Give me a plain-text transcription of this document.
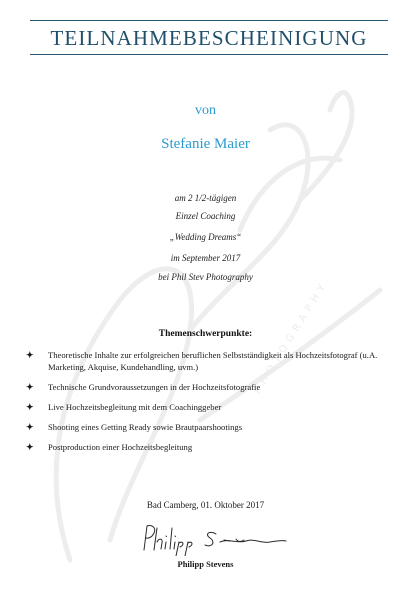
PHOTOGRAPHY
TEILNAHMEBESCHEINIGUNG
von
Stefanie Maier
am 2 1/2-tägigen
Einzel Coaching
„Wedding Dreams“
im September 2017
bei Phil Stev Photography
Themenschwerpunkte:
✦ Theoretische Inhalte zur erfolgreichen beruflichen Selbstständigkeit als Hochzeitsfotograf (u.A. Marketing, Akquise, Kundehandling, uvm.)
✦ Technische Grundvoraussetzungen in der Hochzeitsfotografie
✦ Live Hochzeitsbegleitung mit dem Coachinggeber
✦ Shooting eines Getting Ready sowie Brautpaarshootings
✦ Postproduction einer Hochzeitsbegleitung
Bad Camberg, 01. Oktober 2017
Philipp Stevens
